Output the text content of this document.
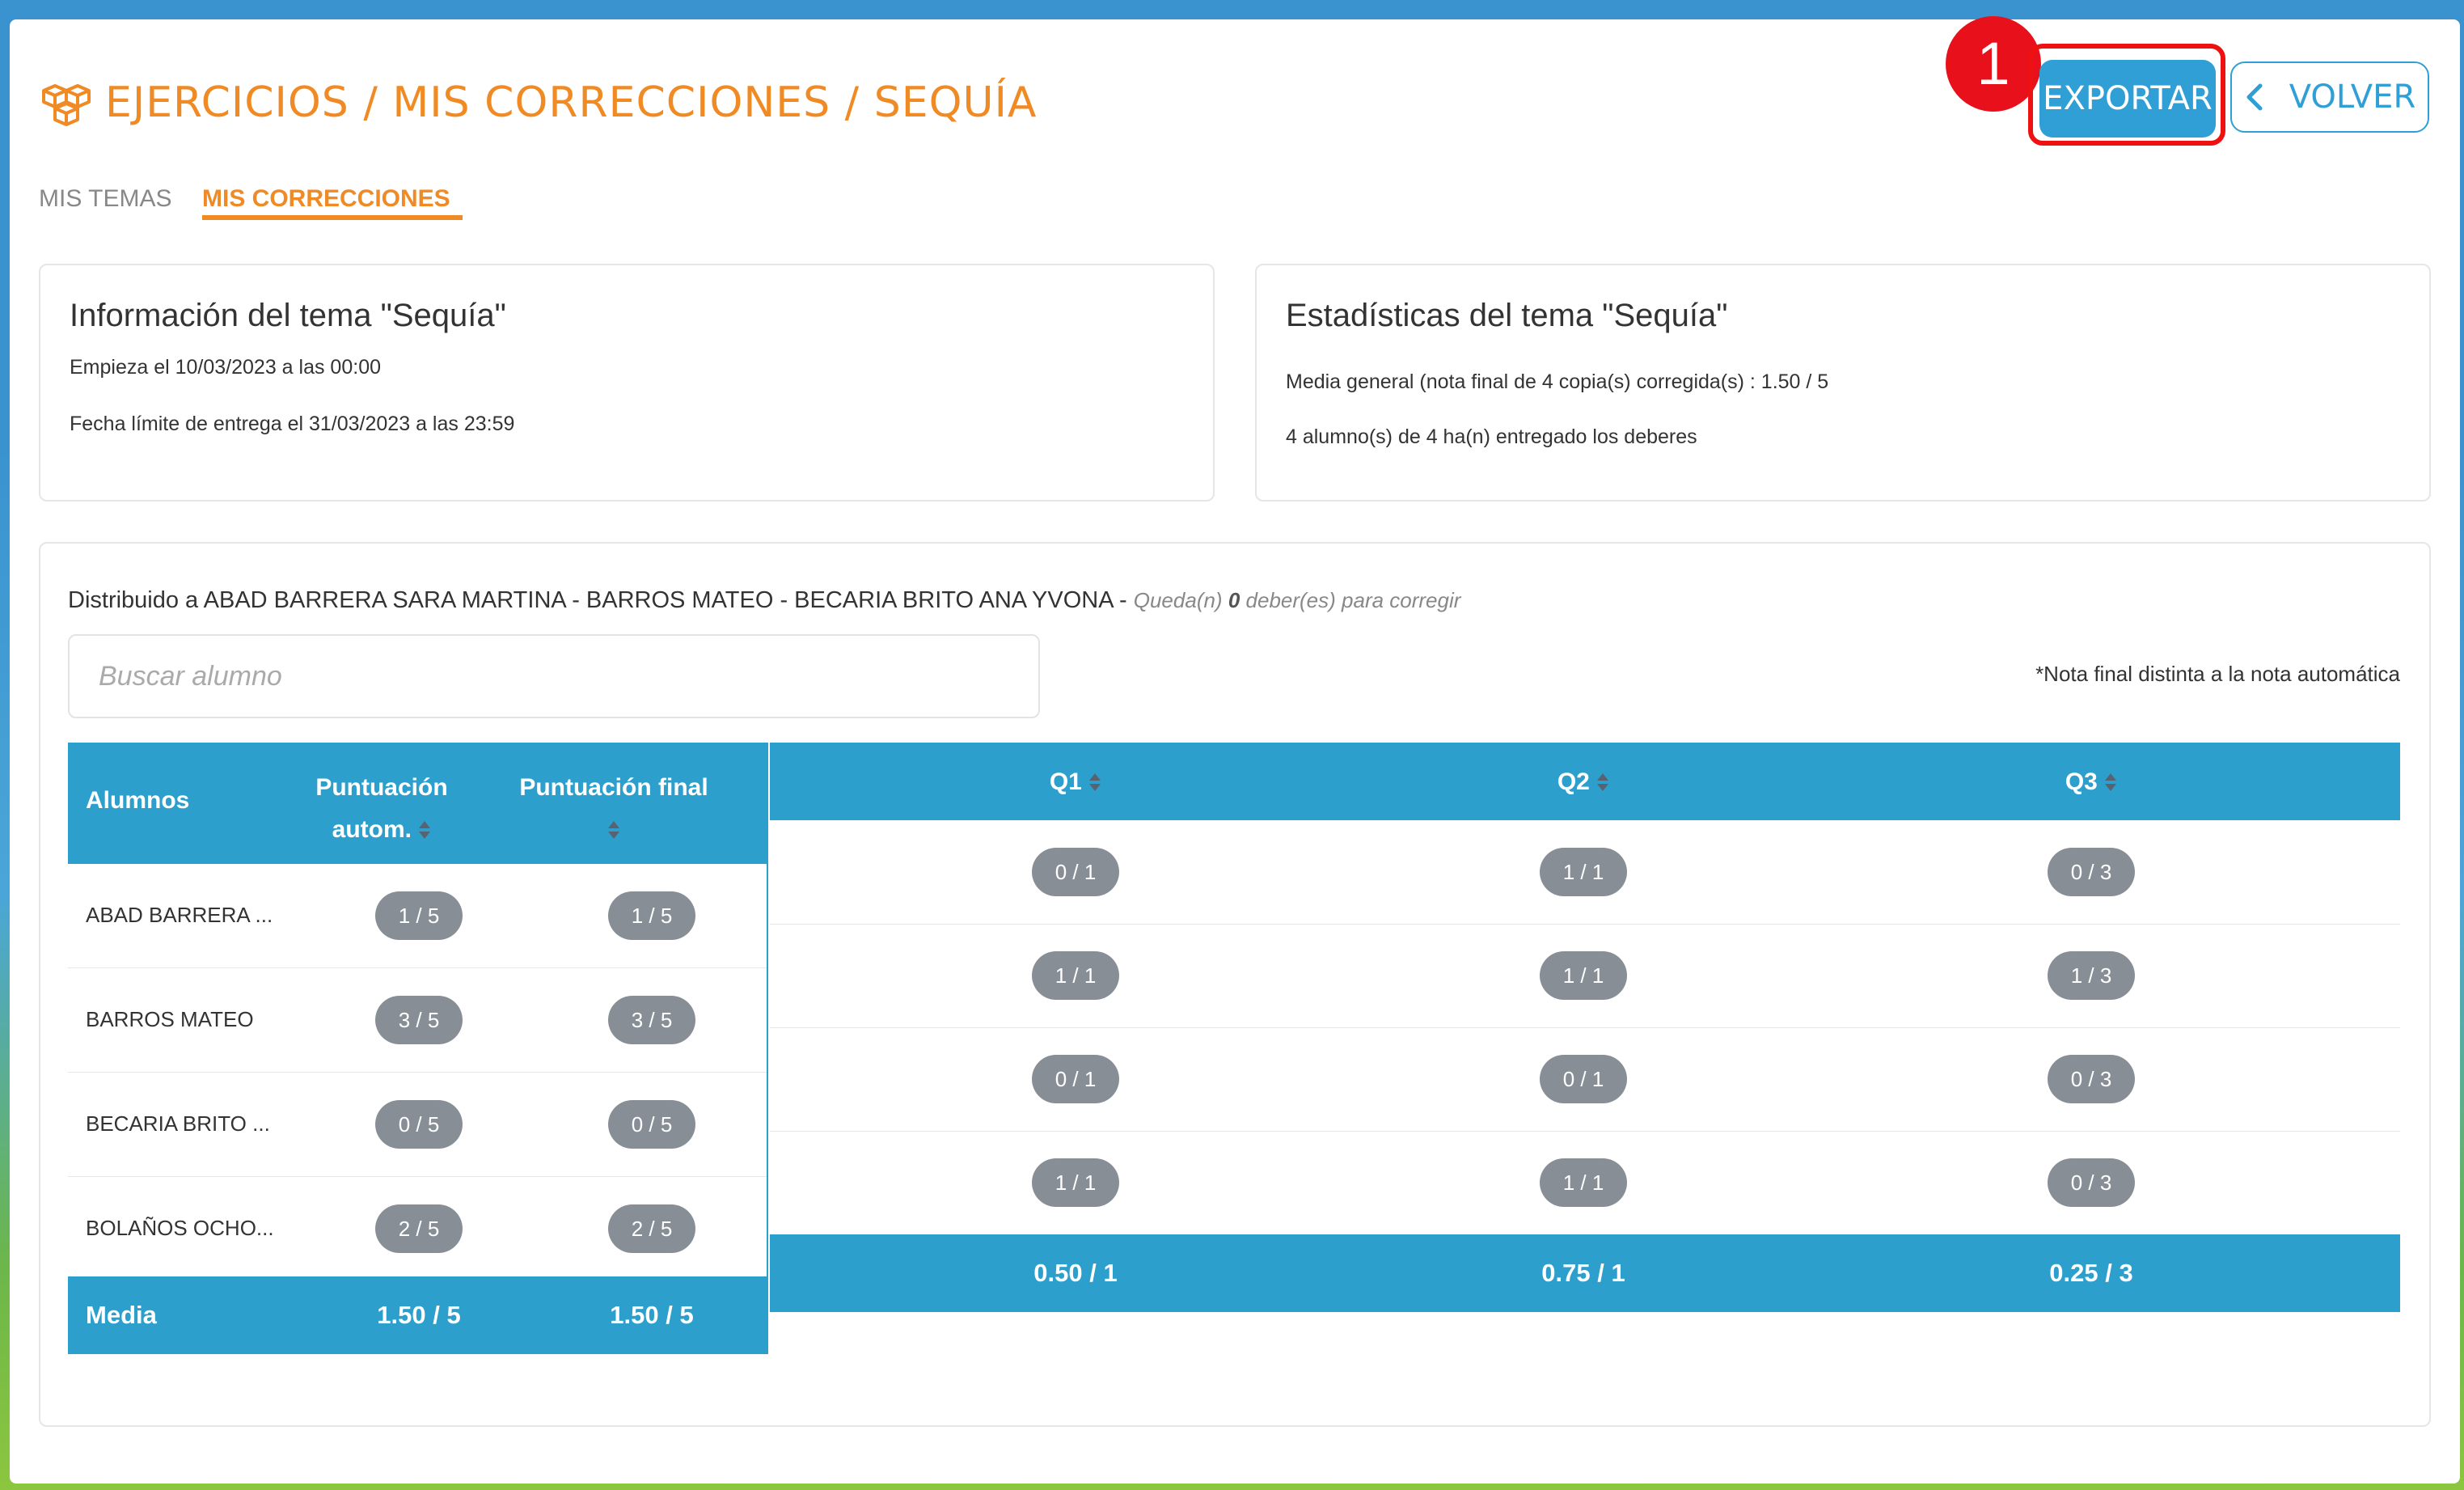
EJERCICIOS / MIS CORRECCIONES / SEQUÍA
1
EXPORTAR VOLVER
MIS TEMAS MIS CORRECCIONES
Información del tema "Sequía"
Empieza el 10/03/2023 a las 00:00
Fecha límite de entrega el 31/03/2023 a las 23:59
Estadísticas del tema "Sequía"
Media general (nota final de 4 copia(s) corregida(s) : 1.50 / 5
4 alumno(s) de 4 ha(n) entregado los deberes
Distribuido a ABAD BARRERA SARA MARTINA - BARROS MATEO - BECARIA BRITO ANA YVONA - Queda(n) 0 deber(es) para corregir
Buscar alumno
*Nota final distinta a la nota automática
Alumnos	Puntuación
autom.
Puntuación final
ABAD BARRERA ...	1 / 5	1 / 5
BARROS MATEO	3 / 5	3 / 5
BECARIA BRITO ...	0 / 5	0 / 5
BOLAÑOS OCHO...	2 / 5	2 / 5
Media	1.50 / 5	1.50 / 5
Q1	Q2	Q3
0 / 1	1 / 1	0 / 3
1 / 1	1 / 1	1 / 3
0 / 1	0 / 1	0 / 3
1 / 1	1 / 1	0 / 3
0.50 / 1	0.75 / 1	0.25 / 3
